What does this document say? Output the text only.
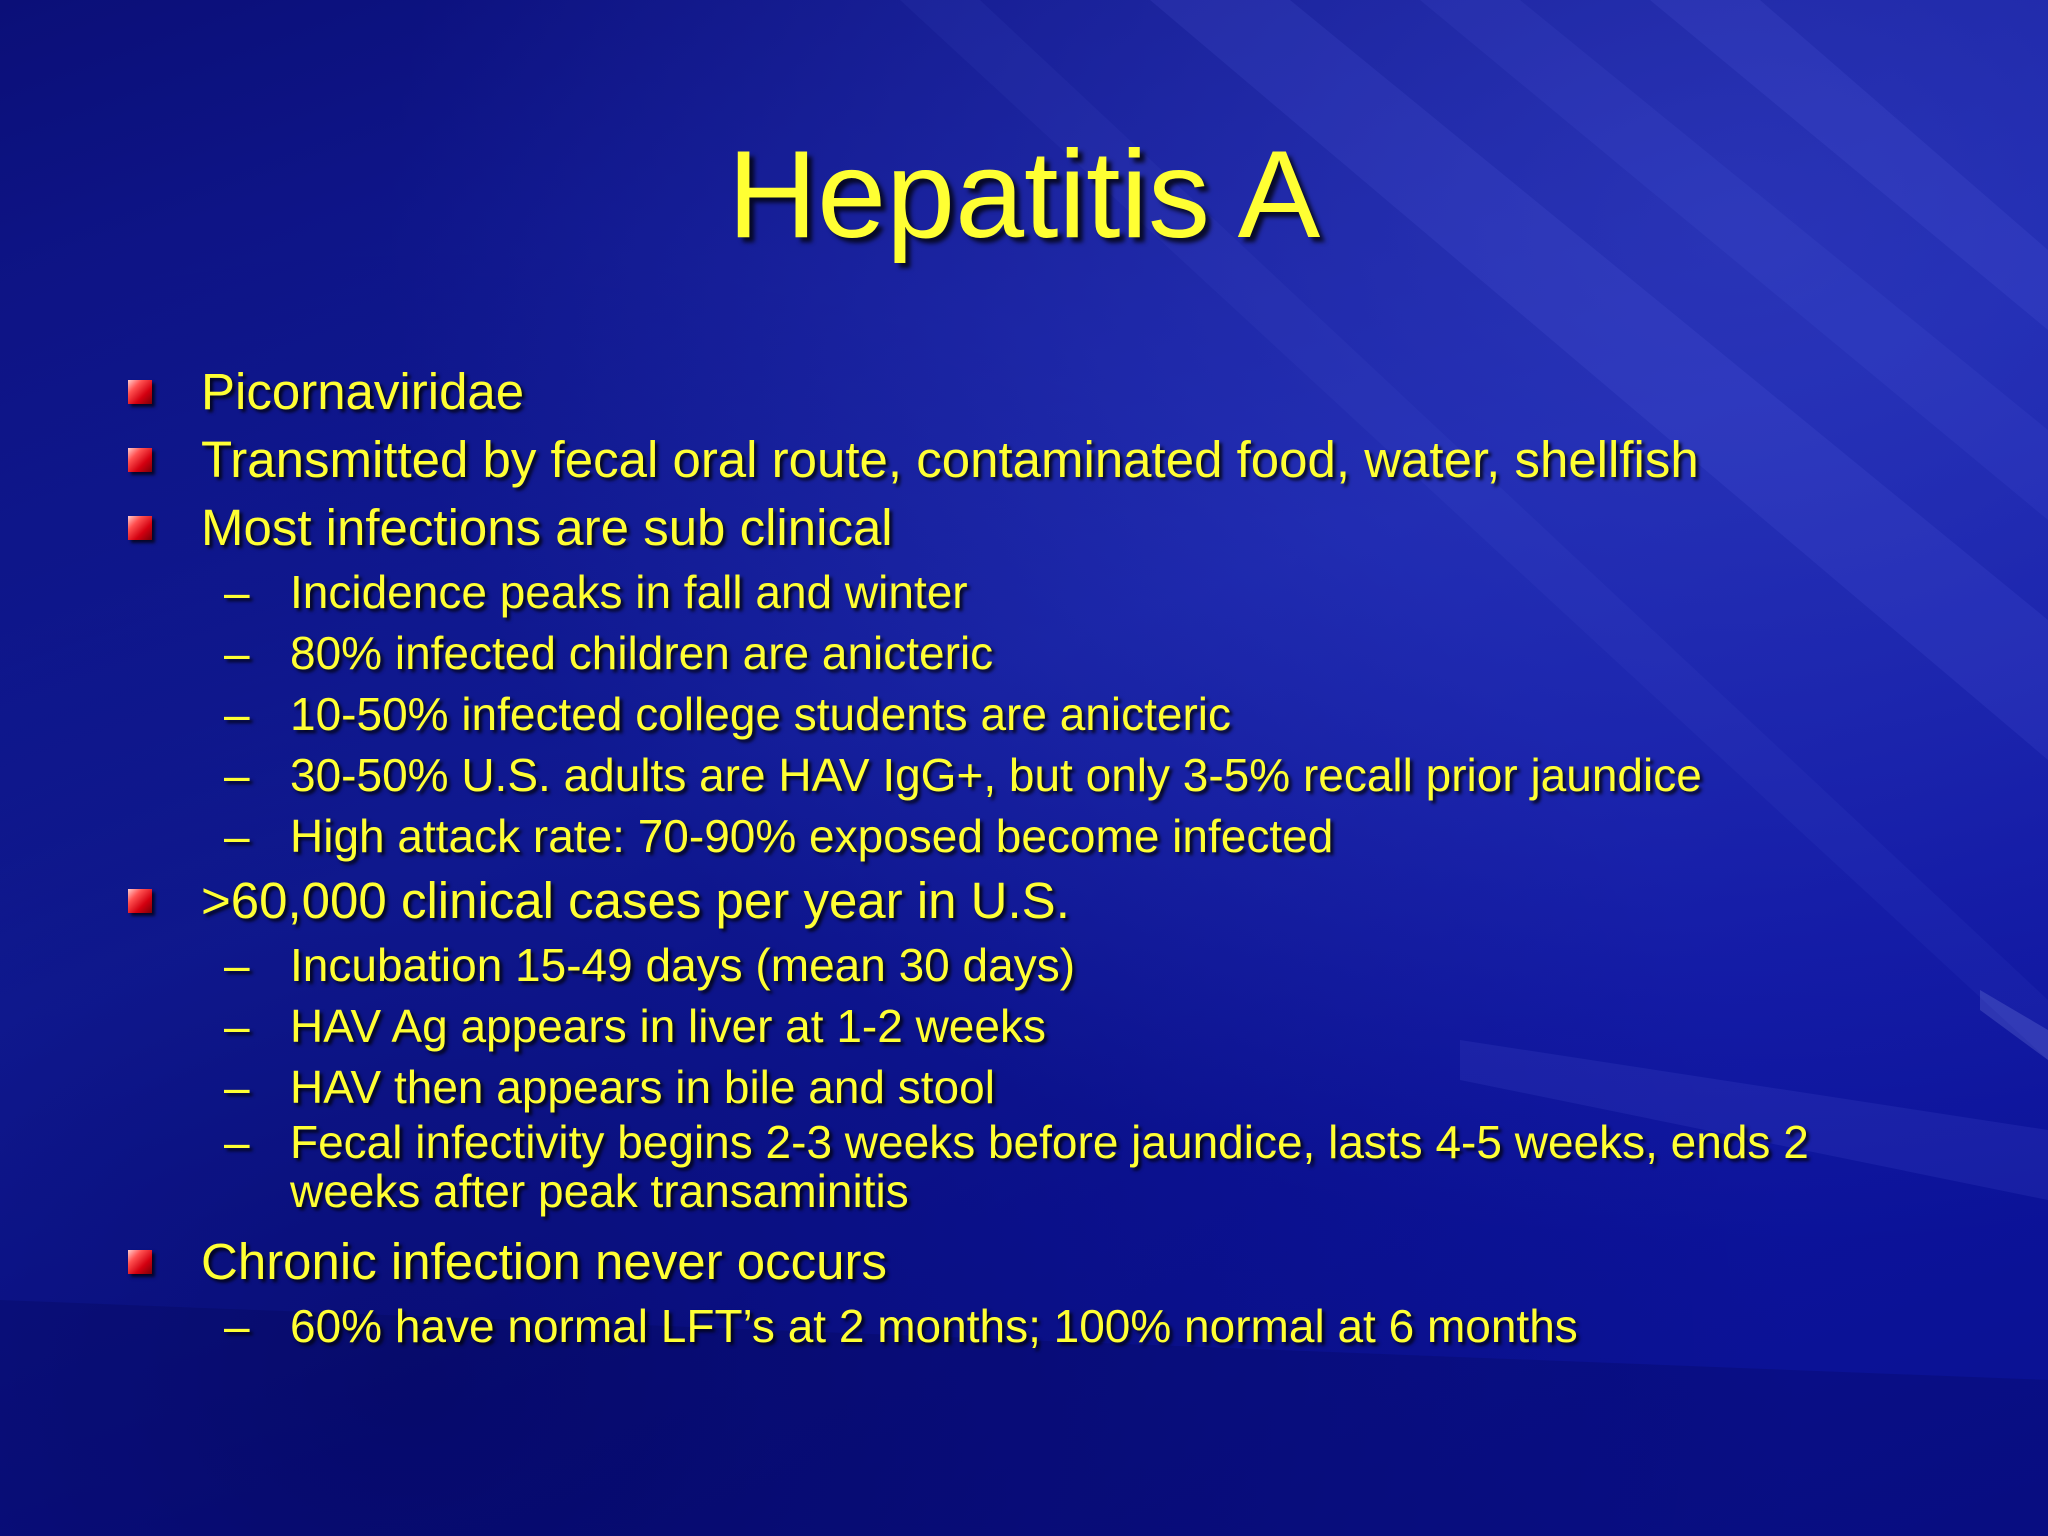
Hepatitis A
Picornaviridae
Transmitted by fecal oral route, contaminated food, water, shellfish
Most infections are sub clinical
– Incidence peaks in fall and winter
– 80% infected children are anicteric
– 10-50% infected college students are anicteric
– 30-50% U.S. adults are HAV IgG+, but only 3-5% recall prior jaundice
– High attack rate: 70-90% exposed become infected
>60,000 clinical cases per year in U.S.
– Incubation 15-49 days (mean 30 days)
– HAV Ag appears in liver at 1-2 weeks
– HAV then appears in bile and stool
– Fecal infectivity begins 2-3 weeks before jaundice, lasts 4-5 weeks, ends 2 weeks after peak transaminitis
Chronic infection never occurs
– 60% have normal LFT’s at 2 months; 100% normal at 6 months
